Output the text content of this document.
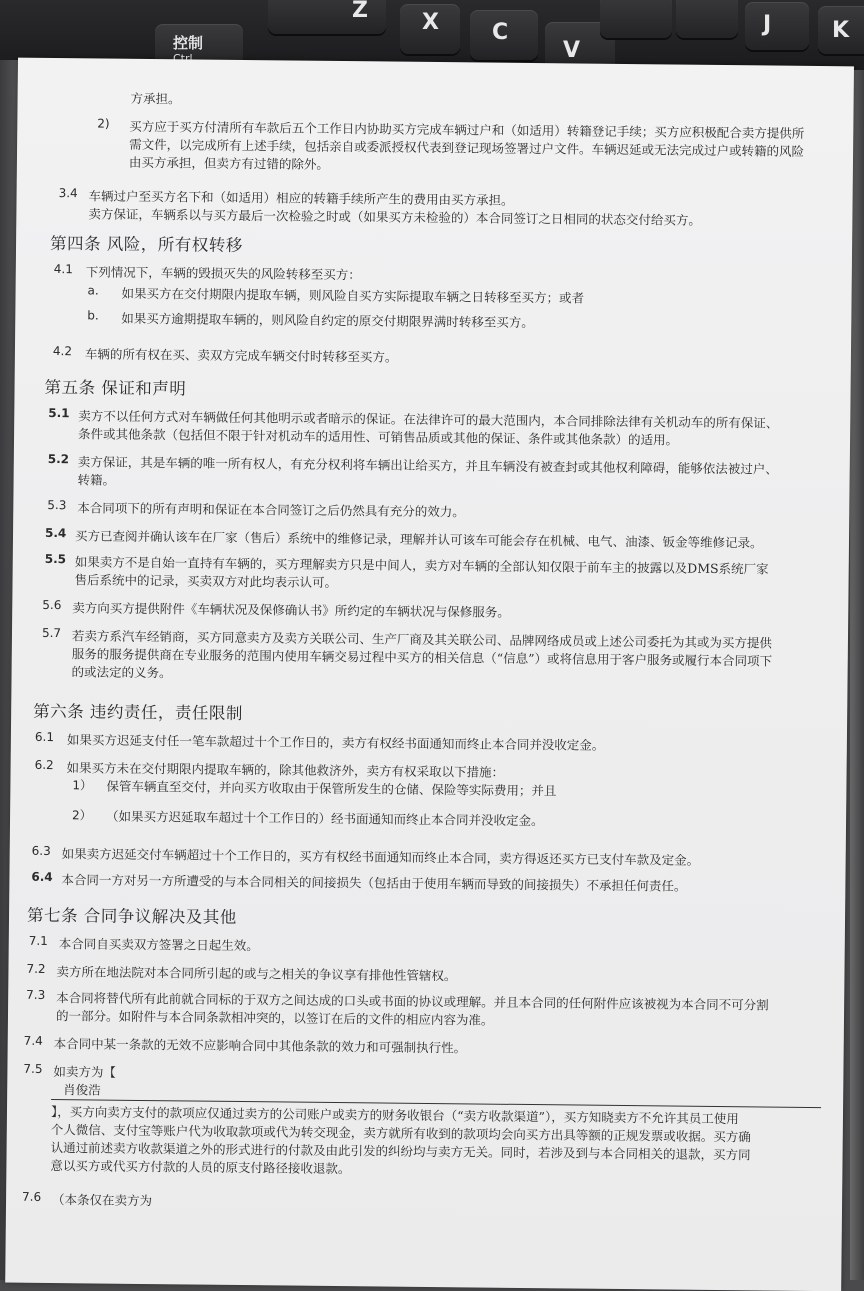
控制
Z X C
V
J	K
方承担。
2) 买方应于买方付清所有车款后五个工作日内协助买方完成车辆过户和（如适用）转籍登记手续；买方应积极配合卖方提供所
需文件，以完成所有上述手续，包括亲自或委派授权代表到登记现场签署过户文件。车辆迟延或无法完成过户或转籍的风险
由买方承担，但卖方有过错的除外。
3.4 车辆过户至买方名下和（如适用）相应的转籍手续所产生的费用由买方承担。
卖方保证，车辆系以与买方最后一次检验之时或（如果买方未检验的）本合同签订之日相同的状态交付给买方。
第四条 风险，所有权转移
4.1 下列情况下，车辆的毁损灭失的风险转移至买方：
a. 如果买方在交付期限内提取车辆，则风险自买方实际提取车辆之日转移至买方；或者
b. 如果买方逾期提取车辆的，则风险自约定的原交付期限界满时转移至买方。
4.2 车辆的所有权在买、卖双方完成车辆交付时转移至买方。
第五条 保证和声明
5.1 卖方不以任何方式对车辆做任何其他明示或者暗示的保证。在法律许可的最大范围内，本合同排除法律有关机动车的所有保证、
条件或其他条款（包括但不限于针对机动车的适用性、可销售品质或其他的保证、条件或其他条款）的适用。
5.2 卖方保证，其是车辆的唯一所有权人，有充分权利将车辆出让给买方，并且车辆没有被查封或其他权利障碍，能够依法被过户、
转籍。
5.3 本合同项下的所有声明和保证在本合同签订之后仍然具有充分的效力。
5.4 买方已查阅并确认该车在厂家（售后）系统中的维修记录，理解并认可该车可能会存在机械、电气、油漆、钣金等维修记录。
5.5 如果卖方不是自始一直持有车辆的，买方理解卖方只是中间人，卖方对车辆的全部认知仅限于前车主的披露以及DMS系统厂家
售后系统中的记录，买卖双方对此均表示认可。
5.6 卖方向买方提供附件《车辆状况及保修确认书》所约定的车辆状况与保修服务。
5.7 若卖方系汽车经销商，买方同意卖方及卖方关联公司、生产厂商及其关联公司、品牌网络成员或上述公司委托为其或为买方提供
服务的服务提供商在专业服务的范围内使用车辆交易过程中买方的相关信息（“信息”）或将信息用于客户服务或履行本合同项下
的或法定的义务。
第六条 违约责任，责任限制
6.1 如果买方迟延支付任一笔车款超过十个工作日的，卖方有权经书面通知而终止本合同并没收定金。
6.2 如果买方未在交付期限内提取车辆的，除其他救济外，卖方有权采取以下措施：
1） 保管车辆直至交付，并向买方收取由于保管所发生的仓储、保险等实际费用；并且
2） （如果买方迟延取车超过十个工作日的）经书面通知而终止本合同并没收定金。
6.3 如果卖方迟延交付车辆超过十个工作日的，买方有权经书面通知而终止本合同，卖方得返还买方已支付车款及定金。
6.4 本合同一方对另一方所遭受的与本合同相关的间接损失（包括由于使用车辆而导致的间接损失）不承担任何责任。
第七条 合同争议解决及其他
7.1 本合同自买卖双方签署之日起生效。
7.2 卖方所在地法院对本合同所引起的或与之相关的争议享有排他性管辖权。
7.3 本合同将替代所有此前就合同标的于双方之间达成的口头或书面的协议或理解。并且本合同的任何附件应该被视为本合同不可分割
的一部分。如附件与本合同条款相冲突的，以签订在后的文件的相应内容为准。
7.4 本合同中某一条款的无效不应影响合同中其他条款的效力和可强制执行性。
7.5 如卖方为【
肖俊浩
】，买方向卖方支付的款项应仅通过卖方的公司账户或卖方的财务收银台（“卖方收款渠道”），买方知晓卖方不允许其员工使用
个人微信、支付宝等账户代为收取款项或代为转交现金，卖方就所有收到的款项均会向买方出具等额的正规发票或收据。买方确
认通过前述卖方收款渠道之外的形式进行的付款及由此引发的纠纷均与卖方无关。同时，若涉及到与本合同相关的退款，买方同
意以买方或代买方付款的人员的原支付路径接收退款。
7.6 （本条仅在卖方为
